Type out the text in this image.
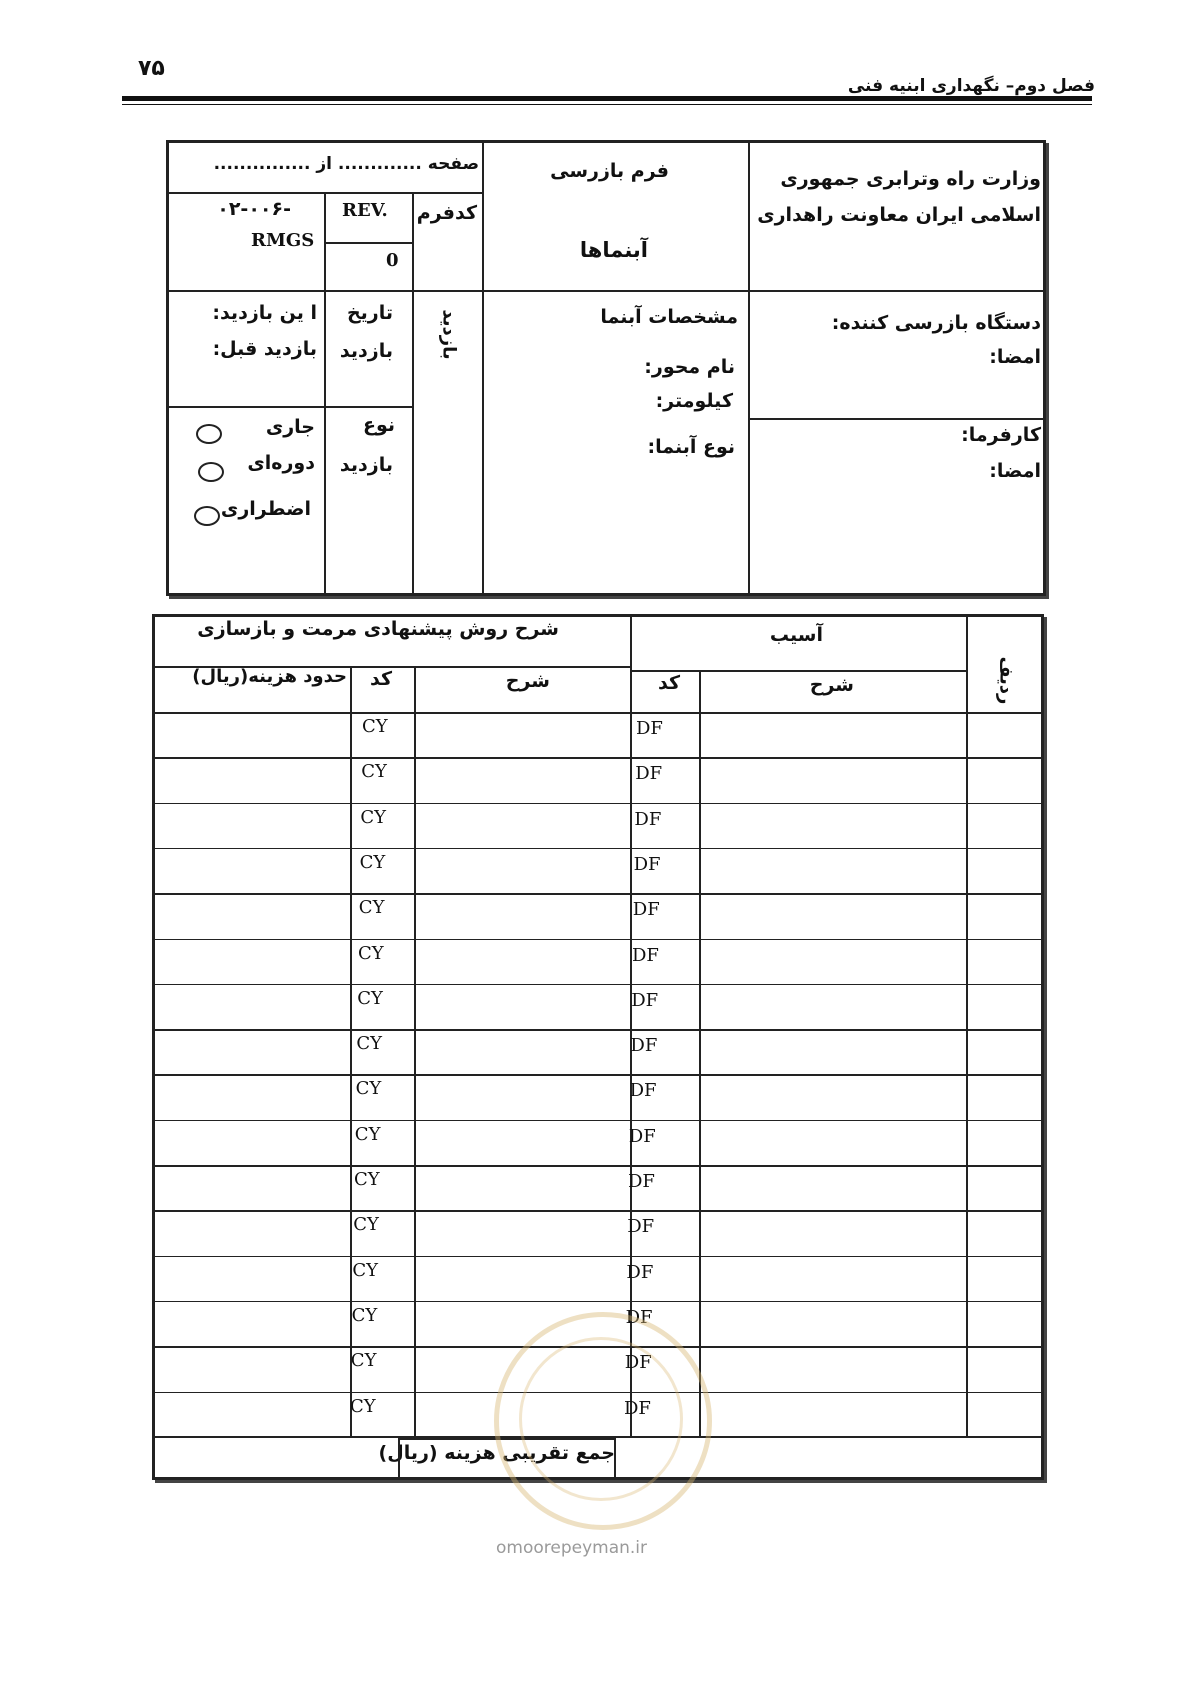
۷۵
فصل دوم– نگهداری ابنیه فنی
وزارت راه وترابری جمهوری
اسلامی ایران معاونت راهداری
فرم بازرسی
آبنماها
صفحه ............. از ...............
کدفرم
REV.
0
-۰۲-۰۰۶
RMGS
دستگاه بازرسی کننده:
امضا:
کارفرما:
امضا:
مشخصات آبنما
نام محور:
کیلومتر:
نوع آبنما:
بازدید
تاریخ
بازدید
ا ین بازدید:
بازدید قبل:
نوع
بازدید
جاری
دوره‌ای
اضطراری
ردیف
آسیب
شرح روش پیشنهادی مرمت و بازسازی
شرح
کد
شرح
کد
حدود هزینه(ریال)
DF
CY
DF
CY
DF
CY
DF
CY
DF
CY
DF
CY
DF
CY
DF
CY
DF
CY
DF
CY
DF
CY
DF
CY
DF
CY
DF
CY
DF
CY
DF
CY
جمع تقریبی هزینه (ریال)
omoorepeyman.ir
